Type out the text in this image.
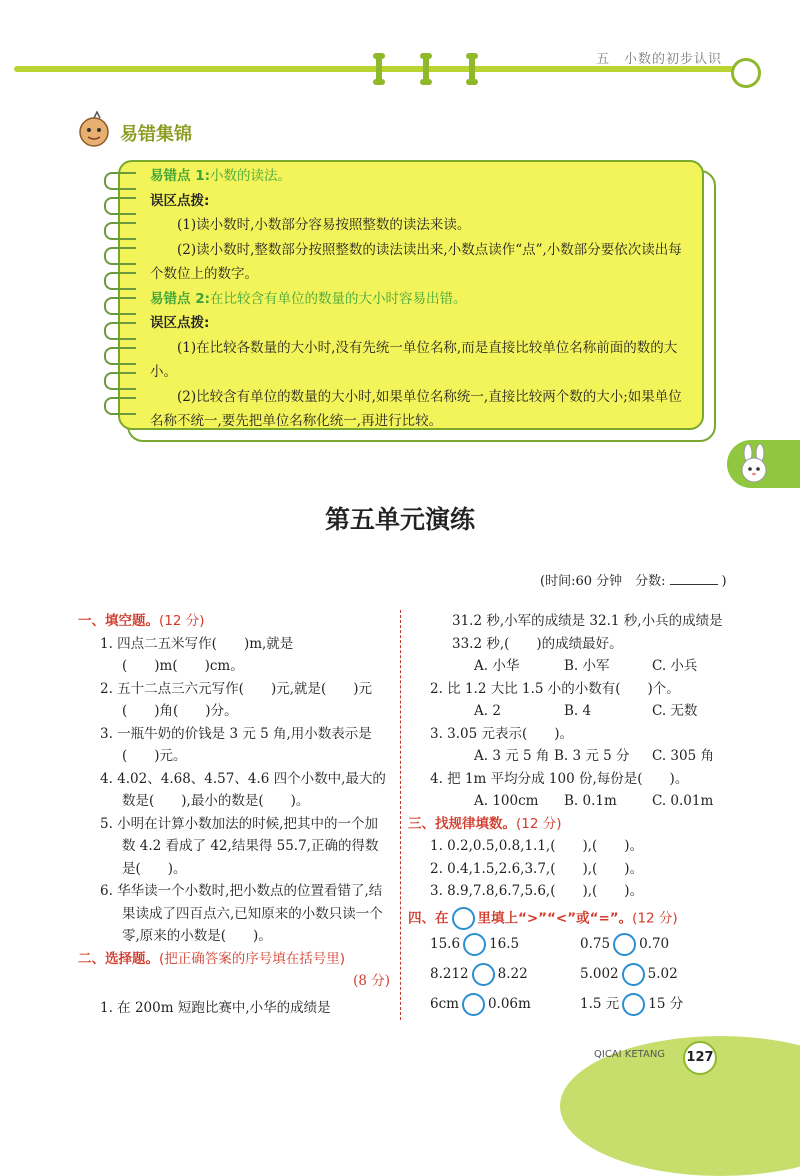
五　小数的初步认识
易错集锦

易错点 1:小数的读法。

误区点拨:

(1)读小数时,小数部分容易按照整数的读法来读。

(2)读小数时,整数部分按照整数的读法读出来,小数点读作“点”,小数部分要依次读出每个数位上的数字。

易错点 2:在比较含有单位的数量的大小时容易出错。

误区点拨:

(1)在比较各数量的大小时,没有先统一单位名称,而是直接比较单位名称前面的数的大小。

(2)比较含有单位的数量的大小时,如果单位名称统一,直接比较两个数的大小;如果单位名称不统一,要先把单位名称化统一,再进行比较。

第五单元演练
(时间:60 分钟　分数:	)

一、填空题。(12 分)

1. 四点二五米写作(　　)m,就是(　　)m(　　)cm。

2. 五十二点三六元写作(　　)元,就是(　　)元(　　)角(　　)分。

3. 一瓶牛奶的价钱是 3 元 5 角,用小数表示是(　　)元。

4. 4.02、4.68、4.57、4.6 四个小数中,最大的数是(　　),最小的数是(　　)。

5. 小明在计算小数加法的时候,把其中的一个加数 4.2 看成了 42,结果得 55.7,正确的得数是(　　)。

6. 华华读一个小数时,把小数点的位置看错了,结果读成了四百点六,已知原来的小数只读一个零,原来的小数是(　　)。

二、选择题。(把正确答案的序号填在括号里)

(8 分)

1. 在 200m 短跑比赛中,小华的成绩是

31.2 秒,小军的成绩是 32.1 秒,小兵的成绩是 33.2 秒,(　　)的成绩最好。

A. 小华	B. 小军	C. 小兵

2. 比 1.2 大比 1.5 小的小数有(　　)个。

A. 2	B. 4	C. 无数

3. 3.05 元表示(　　)。

A. 3 元 5 角 B. 3 元 5 分	C. 305 角

4. 把 1m 平均分成 100 份,每份是(　　)。

A. 100cm	B. 0.1m	C. 0.01m

三、找规律填数。(12 分)

1. 0.2,0.5,0.8,1.1,(　　),(　　)。

2. 0.4,1.5,2.6,3.7,(　　),(　　)。

3. 8.9,7.8,6.7,5.6,(　　),(　　)。

四、在 里填上“>”“<”或“=”。(12 分)

15.6 16.5	0.75 0.70
8.212 8.22	5.002 5.02
6cm 0.06m	1.5 元 15 分
QICAI KETANG 127
